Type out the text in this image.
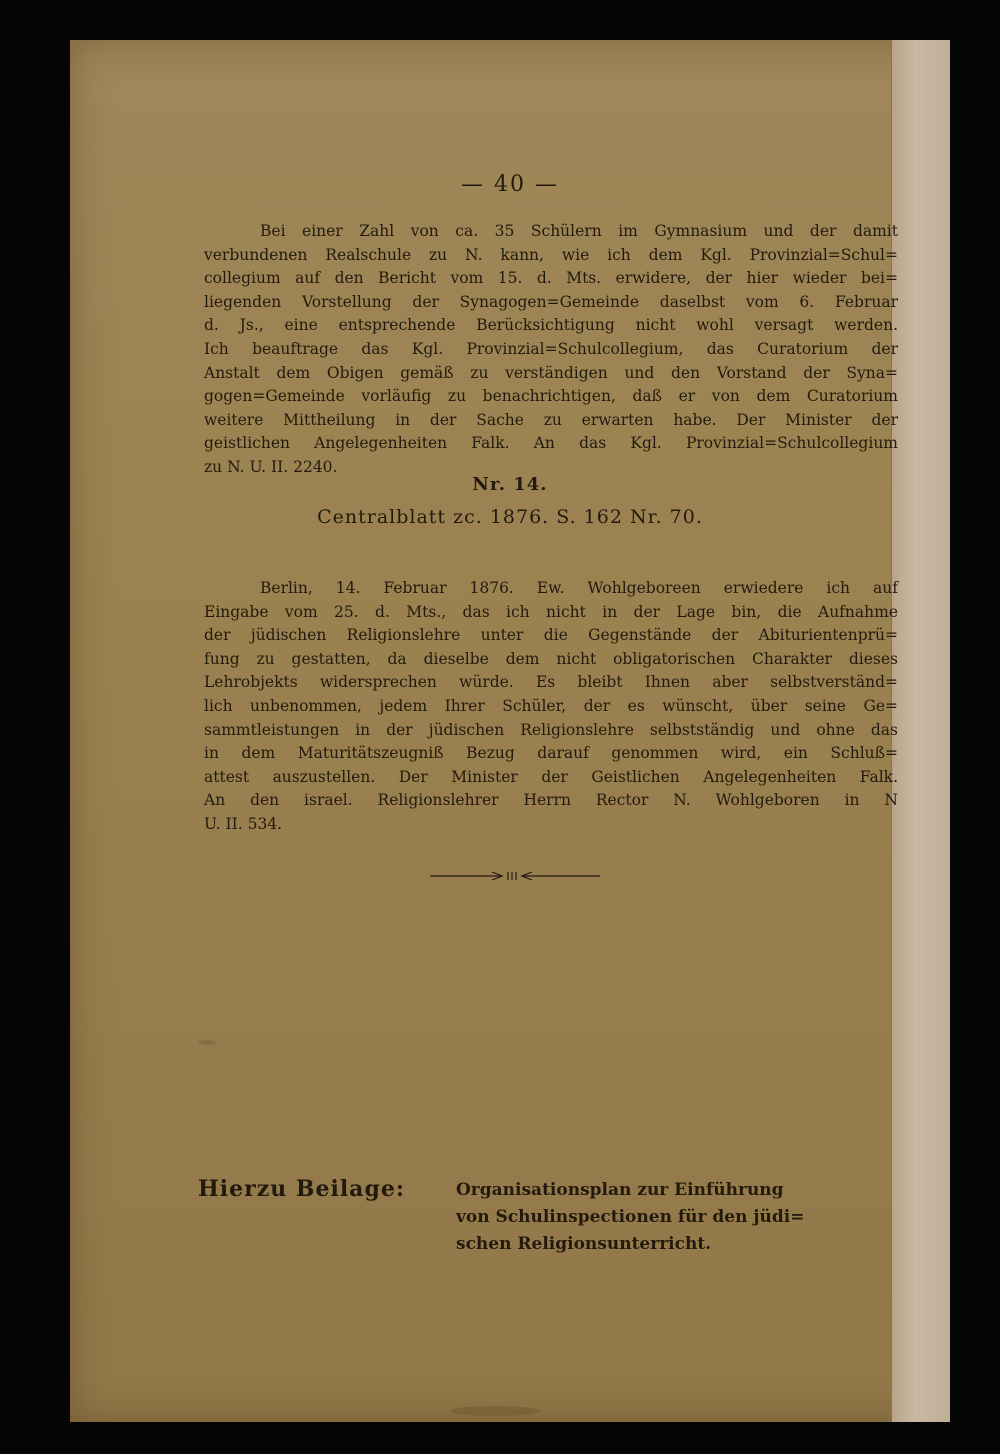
— 40 —
Bei einer Zahl von ca. 35 Schülern im Gymnasium und der damit
verbundenen Realschule zu N. kann, wie ich dem Kgl. Provinzial=Schul=
collegium auf den Bericht vom 15. d. Mts. erwidere, der hier wieder bei=
liegenden Vorstellung der Synagogen=Gemeinde daselbst vom 6. Februar
d. Js., eine entsprechende Berücksichtigung nicht wohl versagt werden.
Ich beauftrage das Kgl. Provinzial=Schulcollegium, das Curatorium der
Anstalt dem Obigen gemäß zu verständigen und den Vorstand der Syna=
gogen=Gemeinde vorläufig zu benachrichtigen, daß er von dem Curatorium
weitere Mittheilung in der Sache zu erwarten habe. Der Minister der
geistlichen Angelegenheiten Falk. An das Kgl. Provinzial=Schulcollegium
zu N. U. II. 2240.
Nr. 14.
Centralblatt zc. 1876. S. 162 Nr. 70.
Berlin, 14. Februar 1876. Ew. Wohlgeboreen erwiedere ich auf
Eingabe vom 25. d. Mts., das ich nicht in der Lage bin, die Aufnahme
der jüdischen Religionslehre unter die Gegenstände der Abiturientenprü=
fung zu gestatten, da dieselbe dem nicht obligatorischen Charakter dieses
Lehrobjekts widersprechen würde. Es bleibt Ihnen aber selbstverständ=
lich unbenommen, jedem Ihrer Schüler, der es wünscht, über seine Ge=
sammtleistungen in der jüdischen Religionslehre selbstständig und ohne das
in dem Maturitätszeugniß Bezug darauf genommen wird, ein Schluß=
attest auszustellen. Der Minister der Geistlichen Angelegenheiten Falk.
An den israel. Religionslehrer Herrn Rector N. Wohlgeboren in N
U. II. 534.
Hierzu Beilage:	Organisationsplan zur Einführung
von Schulinspectionen für den jüdi=
schen Religionsunterricht.
